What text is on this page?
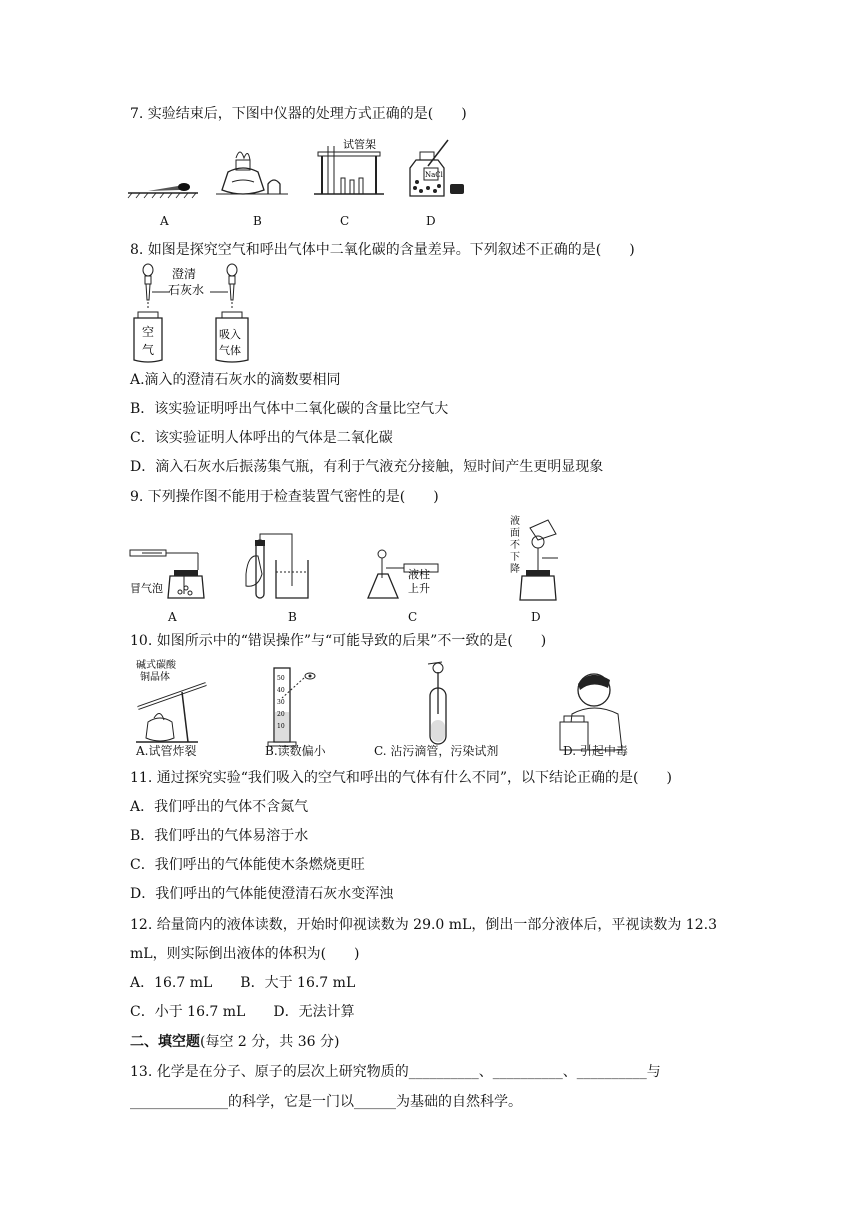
7. 实验结束后，下图中仪器的处理方式正确的是(　　)
试管架
NaCl
A	B	C	D
8. 如图是探究空气和呼出气体中二氧化碳的含量差异。下列叙述不正确的是(　　)
澄清
石灰水
空
气
吸入
气体
A.滴入的澄清石灰水的滴数要相同
B．该实验证明呼出气体中二氧化碳的含量比空气大
C．该实验证明人体呼出的气体是二氧化碳
D．滴入石灰水后振荡集气瓶，有利于气液充分接触，短时间产生更明显现象
9. 下列操作图不能用于检查装置气密性的是(　　)
冒气泡
液柱
上升
液
面
不
下
降
A	B	C	D
10. 如图所示中的“错误操作”与“可能导致的后果”不一致的是(　　)
碱式碳酸
铜晶体	50
40
30
20
10
A.试管炸裂	B.读数偏小	C. 沾污滴管，污染试剂	D. 引起中毒
11. 通过探究实验“我们吸入的空气和呼出的气体有什么不同”，以下结论正确的是(　　)
A．我们呼出的气体不含氮气
B．我们呼出的气体易溶于水
C．我们呼出的气体能使木条燃烧更旺
D．我们呼出的气体能使澄清石灰水变浑浊
12. 给量筒内的液体读数，开始时仰视读数为 29.0 mL，倒出一部分液体后，平视读数为 12.3
mL，则实际倒出液体的体积为(　　)
A．16.7 mL　　B．大于 16.7 mL
C．小于 16.7 mL　　D．无法计算
二、填空题(每空 2 分，共 36 分)
13. 化学是在分子、原子的层次上研究物质的__________、__________、__________与
______________的科学，它是一门以______为基础的自然科学。
